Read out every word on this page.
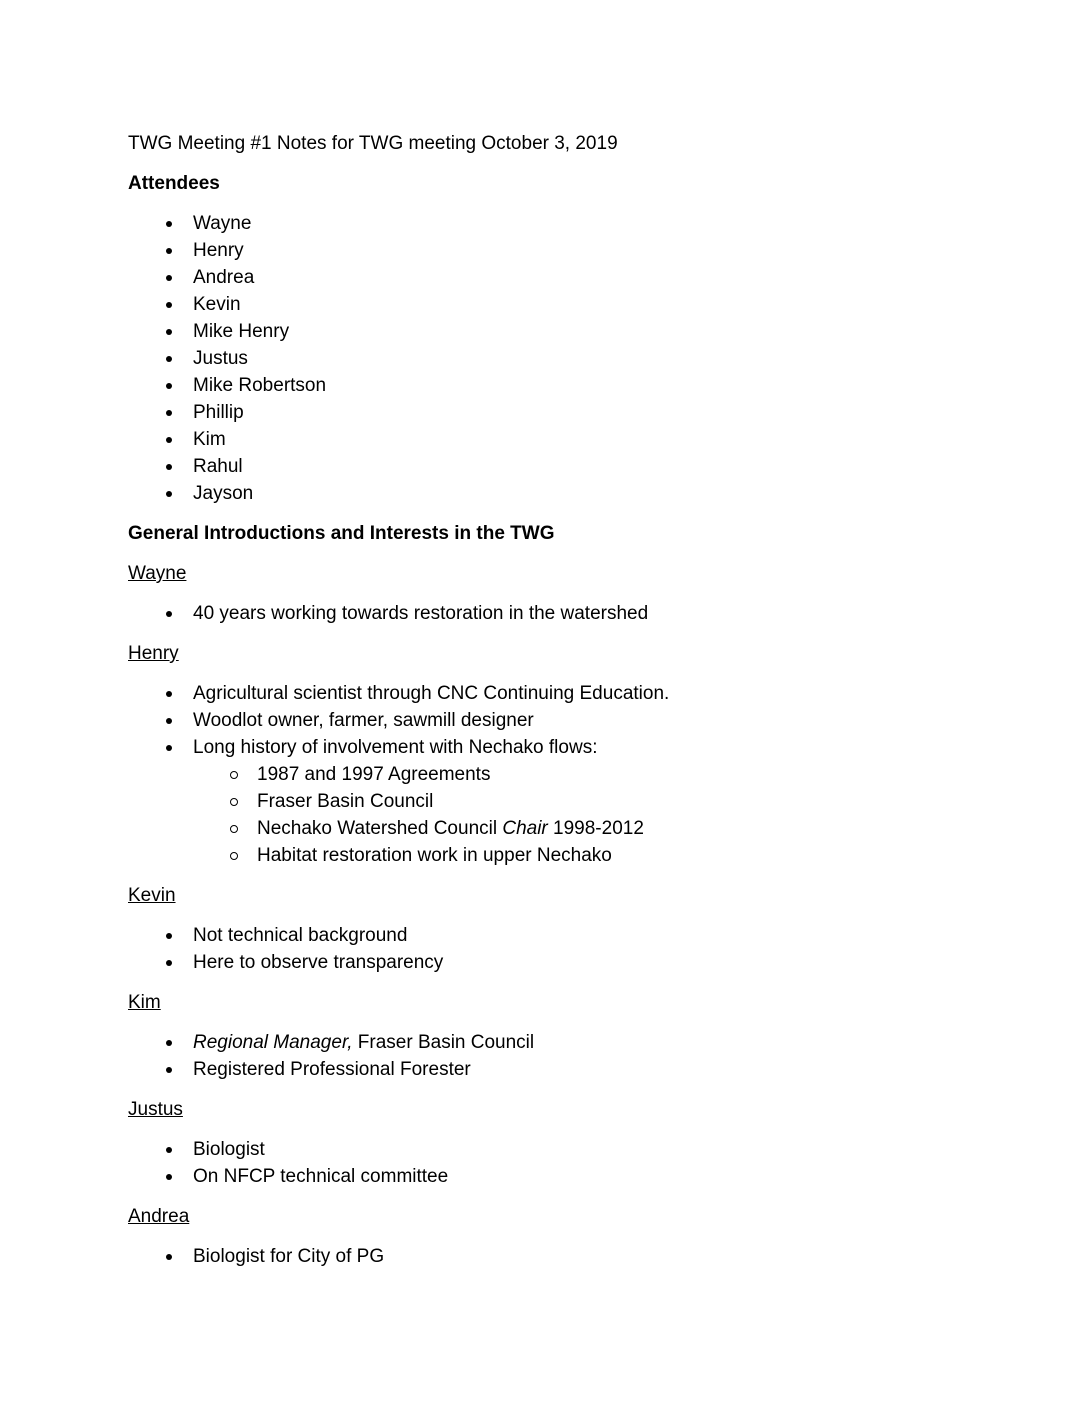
TWG Meeting #1 Notes for TWG meeting October 3, 2019

Attendees

Wayne
Henry
Andrea
Kevin
Mike Henry
Justus
Mike Robertson
Phillip
Kim
Rahul
Jayson

General Introductions and Interests in the TWG

Wayne

40 years working towards restoration in the watershed

Henry

Agricultural scientist through CNC Continuing Education.
Woodlot owner, farmer, sawmill designer
Long history of involvement with Nechako flows:
1987 and 1997 Agreements
Fraser Basin Council
Nechako Watershed Council Chair 1998-2012
Habitat restoration work in upper Nechako

Kevin

Not technical background
Here to observe transparency

Kim

Regional Manager, Fraser Basin Council
Registered Professional Forester

Justus

Biologist
On NFCP technical committee

Andrea

Biologist for City of PG
